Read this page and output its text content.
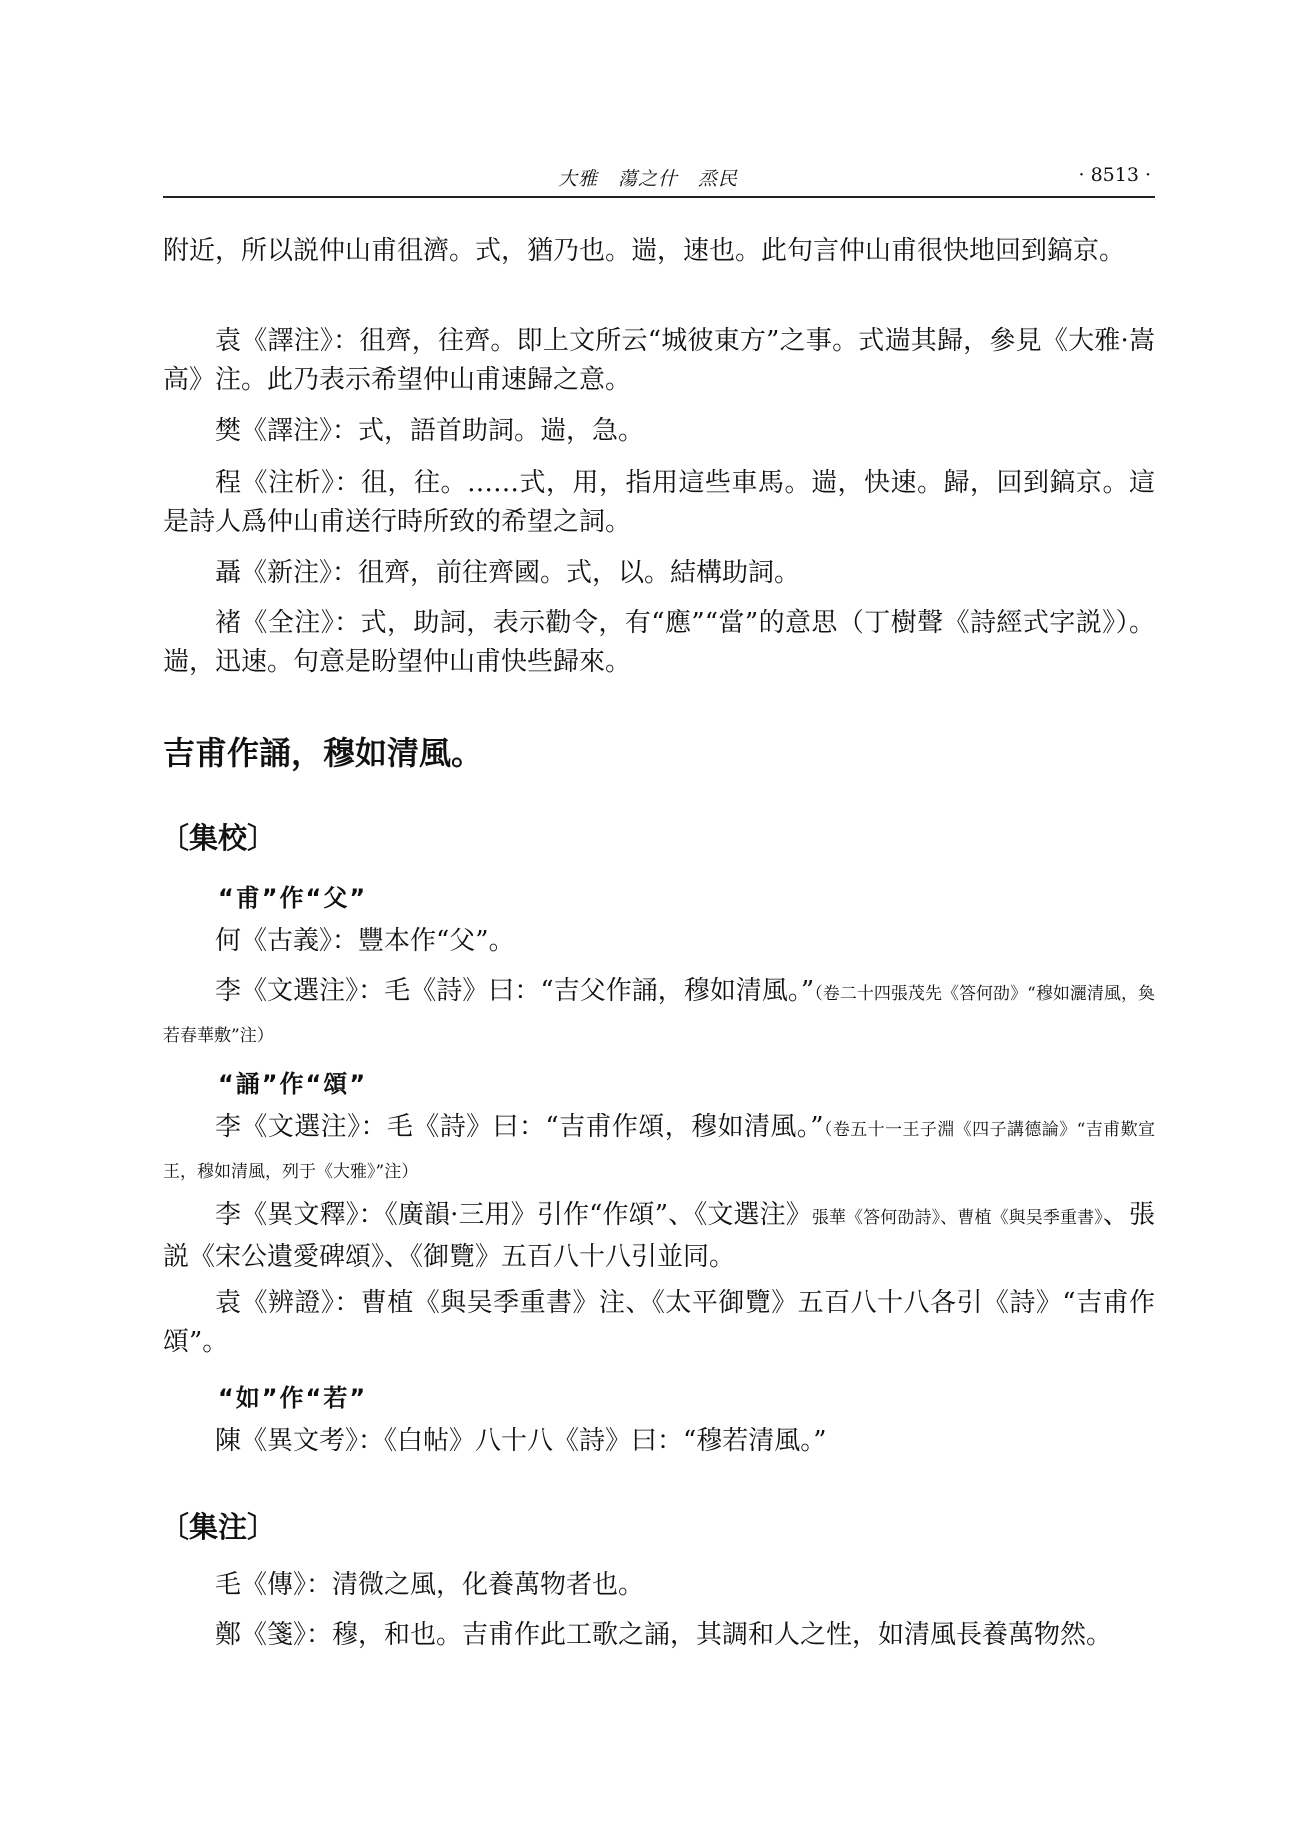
大雅　蕩之什　烝民	· 8513 ·

附近，所以説仲山甫徂濟。式，猶乃也。遄，速也。此句言仲山甫很快地回到鎬京。

袁《譯注》：徂齊，往齊。即上文所云“城彼東方”之事。式遄其歸，參見《大雅·嵩高》注。此乃表示希望仲山甫速歸之意。

樊《譯注》：式，語首助詞。遄，急。

程《注析》：徂，往。……式，用，指用這些車馬。遄，快速。歸，回到鎬京。這是詩人爲仲山甫送行時所致的希望之詞。

聶《新注》：徂齊，前往齊國。式，以。結構助詞。

褚《全注》：式，助詞，表示勸令，有“應”“當”的意思（丁樹聲《詩經式字説》）。遄，迅速。句意是盼望仲山甫快些歸來。

吉甫作誦，穆如清風。
〔集校〕
“甫”作“父”

何《古義》：豐本作“父”。

李《文選注》：毛《詩》曰：“吉父作誦，穆如清風。”（卷二十四張茂先《答何劭》“穆如灑清風，奐若春華敷”注）

“誦”作“頌”

李《文選注》：毛《詩》曰：“吉甫作頌，穆如清風。”（卷五十一王子淵《四子講德論》“吉甫歎宣王，穆如清風，列于《大雅》”注）

李《異文釋》：《廣韻·三用》引作“作頌”、《文選注》張華《答何劭詩》、曹植《與吴季重書》、張説《宋公遺愛碑頌》、《御覽》五百八十八引並同。

袁《辨證》：曹植《與吴季重書》注、《太平御覽》五百八十八各引《詩》“吉甫作頌”。

“如”作“若”

陳《異文考》：《白帖》八十八《詩》曰：“穆若清風。”

〔集注〕

毛《傳》：清微之風，化養萬物者也。

鄭《箋》：穆，和也。吉甫作此工歌之誦，其調和人之性，如清風長養萬物然。
